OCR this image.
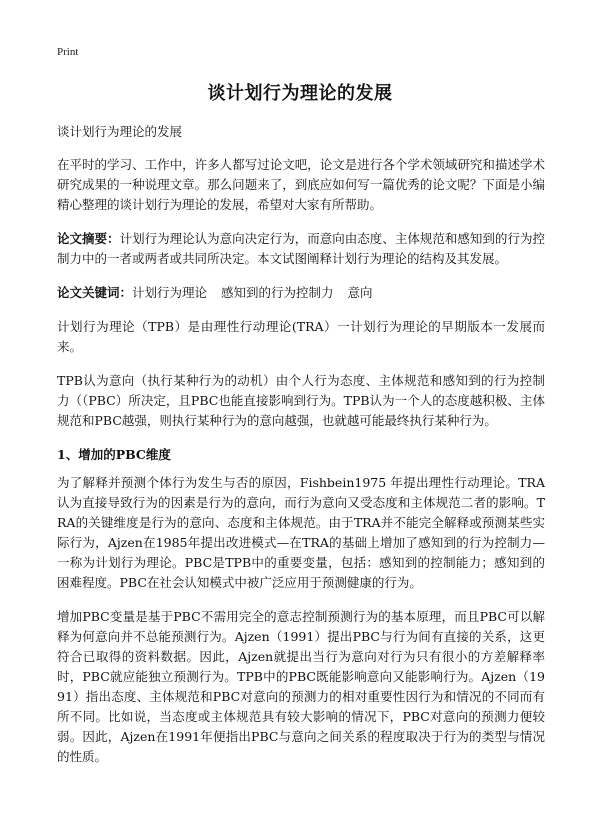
Print
谈计划行为理论的发展

谈计划行为理论的发展

在平时的学习、工作中，许多人都写过论文吧，论文是进行各个学术领域研究和描述学术研究成果的一种说理文章。那么问题来了，到底应如何写一篇优秀的论文呢？下面是小编精心整理的谈计划行为理论的发展，希望对大家有所帮助。

论文摘要：计划行为理论认为意向决定行为，而意向由态度、主体规范和感知到的行为控制力中的一者或两者或共同所决定。本文试图阐释计划行为理论的结构及其发展。

论文关键词：计划行为理论 感知到的行为控制力 意向

计划行为理论（TPB）是由理性行动理论(TRA）一计划行为理论的早期版本一发展而来。

TPB认为意向（执行某种行为的动机）由个人行为态度、主体规范和感知到的行为控制力（（PBC）所决定，且PBC也能直接影响到行为。TPB认为一个人的态度越积极、主体规范和PBC越强，则执行某种行为的意向越强，也就越可能最终执行某种行为。

1、增加的PBC维度

为了解释并预测个体行为发生与否的原因，Fishbein1975 年提出理性行动理论。TRA认为直接导致行为的因素是行为的意向，而行为意向又受态度和主体规范二者的影响。TRA的关键维度是行为的意向、态度和主体规范。由于TRA并不能完全解释或预测某些实际行为，Ajzen在1985年提出改进模式—在TRA的基础上增加了感知到的行为控制力—一称为计划行为理论。PBC是TPB中的重要变量，包括：感知到的控制能力；感知到的困难程度。PBC在社会认知模式中被广泛应用于预测健康的行为。

增加PBC变量是基于PBC不需用完全的意志控制预测行为的基本原理，而且PBC可以解释为何意向并不总能预测行为。Ajzen（1991）提出PBC与行为间有直接的关系，这更符合已取得的资料数据。因此，Ajzen就提出当行为意向对行为只有很小的方差解释率时，PBC就应能独立预测行为。TPB中的PBC既能影响意向又能影响行为。Ajzen（1991）指出态度、主体规范和PBC对意向的预测力的相对重要性因行为和情况的不同而有所不同。比如说，当态度或主体规范具有较大影响的情况下，PBC对意向的预测力便较弱。因此，Ajzen在1991年便指出PBC与意向之间关系的程度取决于行为的类型与情况的性质。
